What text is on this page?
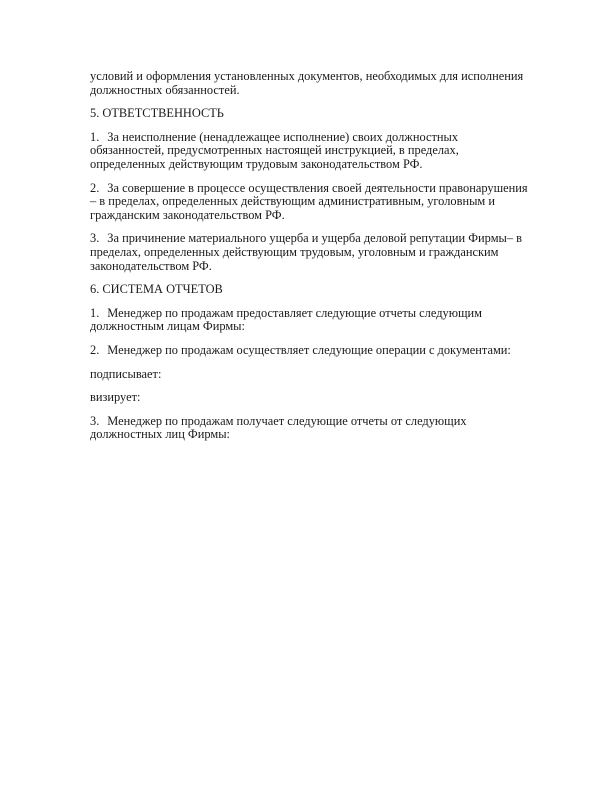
условий и оформления установленных документов, необходимых для исполнения должностных обязанностей.

5. ОТВЕТСТВЕННОСТЬ

1. За неисполнение (ненадлежащее исполнение) своих должностных обязанностей, предусмотренных настоящей инструкцией, в пределах, определенных действующим трудовым законодательством РФ.

2. За совершение в процессе осуществления своей деятельности правонарушения – в пределах, определенных действующим административным, уголовным и гражданским законодательством РФ.

3. За причинение материального ущерба и ущерба деловой репутации Фирмы– в пределах, определенных действующим трудовым, уголовным и гражданским законодательством РФ.

6. СИСТЕМА ОТЧЕТОВ

1. Менеджер по продажам предоставляет следующие отчеты следующим должностным лицам Фирмы:

2. Менеджер по продажам осуществляет следующие операции с документами:

подписывает:

визирует:

3. Менеджер по продажам получает следующие отчеты от следующих должностных лиц Фирмы:
